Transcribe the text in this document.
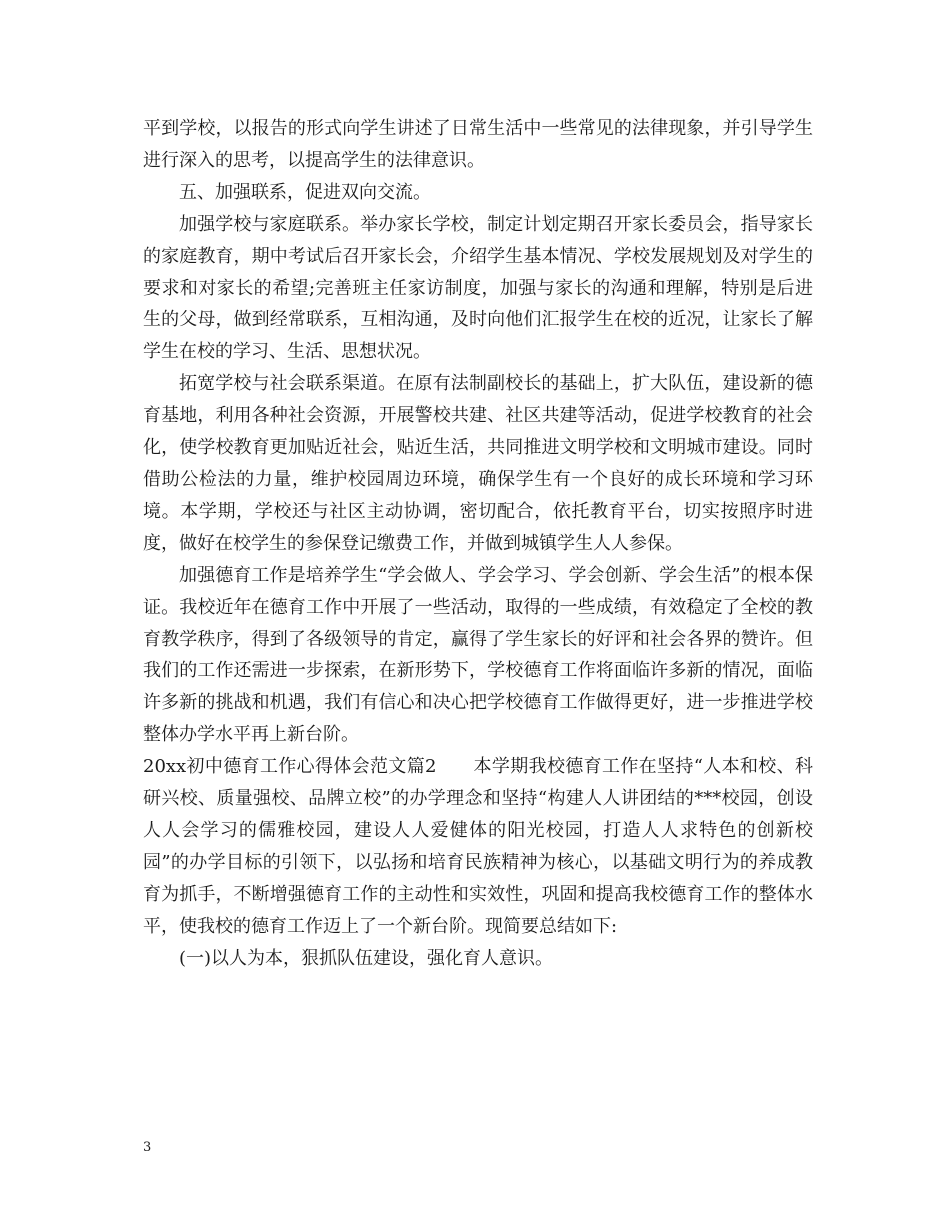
平到学校，以报告的形式向学生讲述了日常生活中一些常见的法律现象，并引导学生进行深入的思考，以提高学生的法律意识。

五、加强联系，促进双向交流。

加强学校与家庭联系。举办家长学校，制定计划定期召开家长委员会，指导家长的家庭教育，期中考试后召开家长会，介绍学生基本情况、学校发展规划及对学生的要求和对家长的希望;完善班主任家访制度，加强与家长的沟通和理解，特别是后进生的父母，做到经常联系，互相沟通，及时向他们汇报学生在校的近况，让家长了解学生在校的学习、生活、思想状况。

拓宽学校与社会联系渠道。在原有法制副校长的基础上，扩大队伍，建设新的德育基地，利用各种社会资源，开展警校共建、社区共建等活动，促进学校教育的社会化，使学校教育更加贴近社会，贴近生活，共同推进文明学校和文明城市建设。同时借助公检法的力量，维护校园周边环境，确保学生有一个良好的成长环境和学习环境。本学期，学校还与社区主动协调，密切配合，依托教育平台，切实按照序时进度，做好在校学生的参保登记缴费工作，并做到城镇学生人人参保。

加强德育工作是培养学生“学会做人、学会学习、学会创新、学会生活”的根本保证。我校近年在德育工作中开展了一些活动，取得的一些成绩，有效稳定了全校的教育教学秩序，得到了各级领导的肯定，赢得了学生家长的好评和社会各界的赞许。但我们的工作还需进一步探索，在新形势下，学校德育工作将面临许多新的情况，面临许多新的挑战和机遇，我们有信心和决心把学校德育工作做得更好，进一步推进学校整体办学水平再上新台阶。

20xx初中德育工作心得体会范文篇2　　本学期我校德育工作在坚持“人本和校、科研兴校、质量强校、品牌立校”的办学理念和坚持“构建人人讲团结的***校园，创设人人会学习的儒雅校园，建设人人爱健体的阳光校园，打造人人求特色的创新校园”的办学目标的引领下，以弘扬和培育民族精神为核心，以基础文明行为的养成教育为抓手，不断增强德育工作的主动性和实效性，巩固和提高我校德育工作的整体水平，使我校的德育工作迈上了一个新台阶。现简要总结如下:

(一)以人为本，狠抓队伍建设，强化育人意识。

3
